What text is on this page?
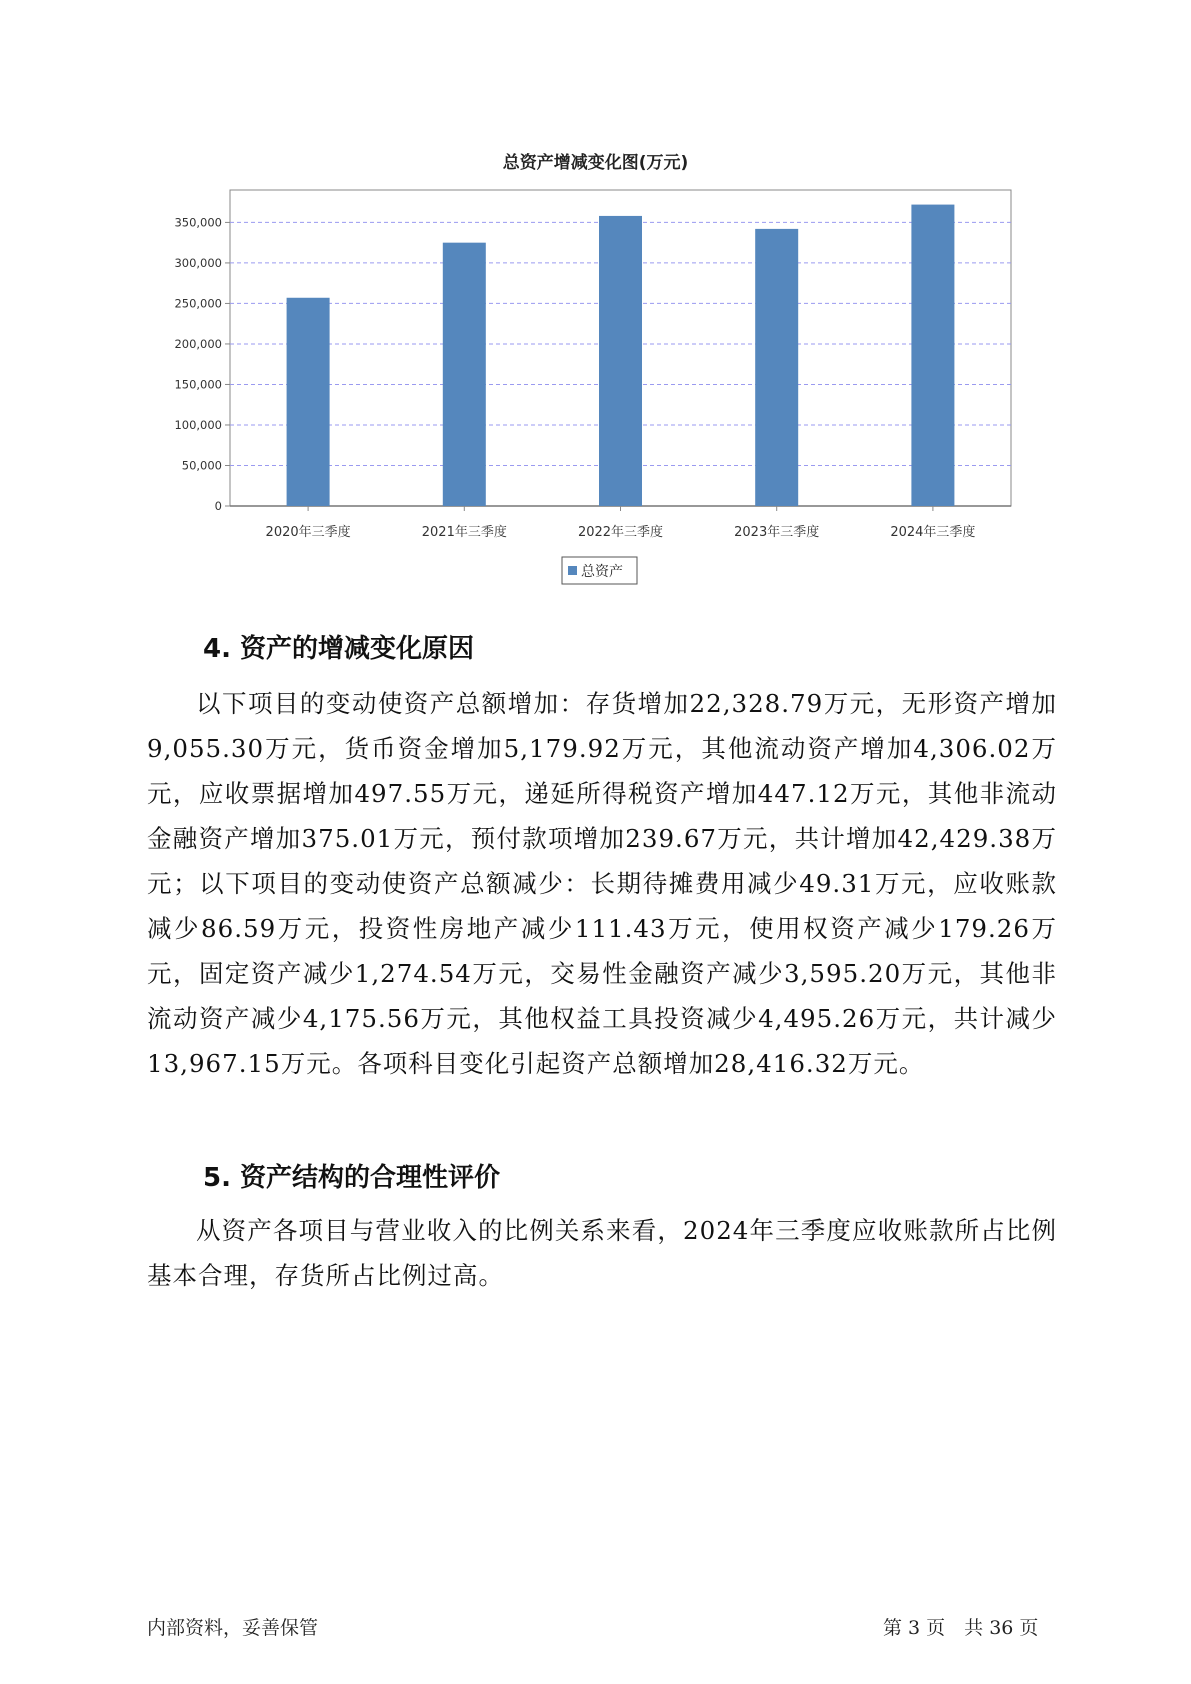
总资产增减变化图(万元)
0
50,000
100,000
150,000
200,000
250,000
300,000
350,000
2020年三季度	2021年三季度	2022年三季度	2023年三季度	2024年三季度
总资产
4. 资产的增减变化原因

以下项目的变动使资产总额增加：存货增加22,328.79万元，无形资产增加9,055.30万元，货币资金增加5,179.92万元，其他流动资产增加4,306.02万元，应收票据增加497.55万元，递延所得税资产增加447.12万元，其他非流动金融资产增加375.01万元，预付款项增加239.67万元，共计增加42,429.38万元；以下项目的变动使资产总额减少：长期待摊费用减少49.31万元，应收账款减少86.59万元，投资性房地产减少111.43万元，使用权资产减少179.26万元，固定资产减少1,274.54万元，交易性金融资产减少3,595.20万元，其他非流动资产减少4,175.56万元，其他权益工具投资减少4,495.26万元，共计减少13,967.15万元。各项科目变化引起资产总额增加28,416.32万元。

5. 资产结构的合理性评价

从资产各项目与营业收入的比例关系来看，2024年三季度应收账款所占比例基本合理，存货所占比例过高。

内部资料，妥善保管	第 3 页　共 36 页
